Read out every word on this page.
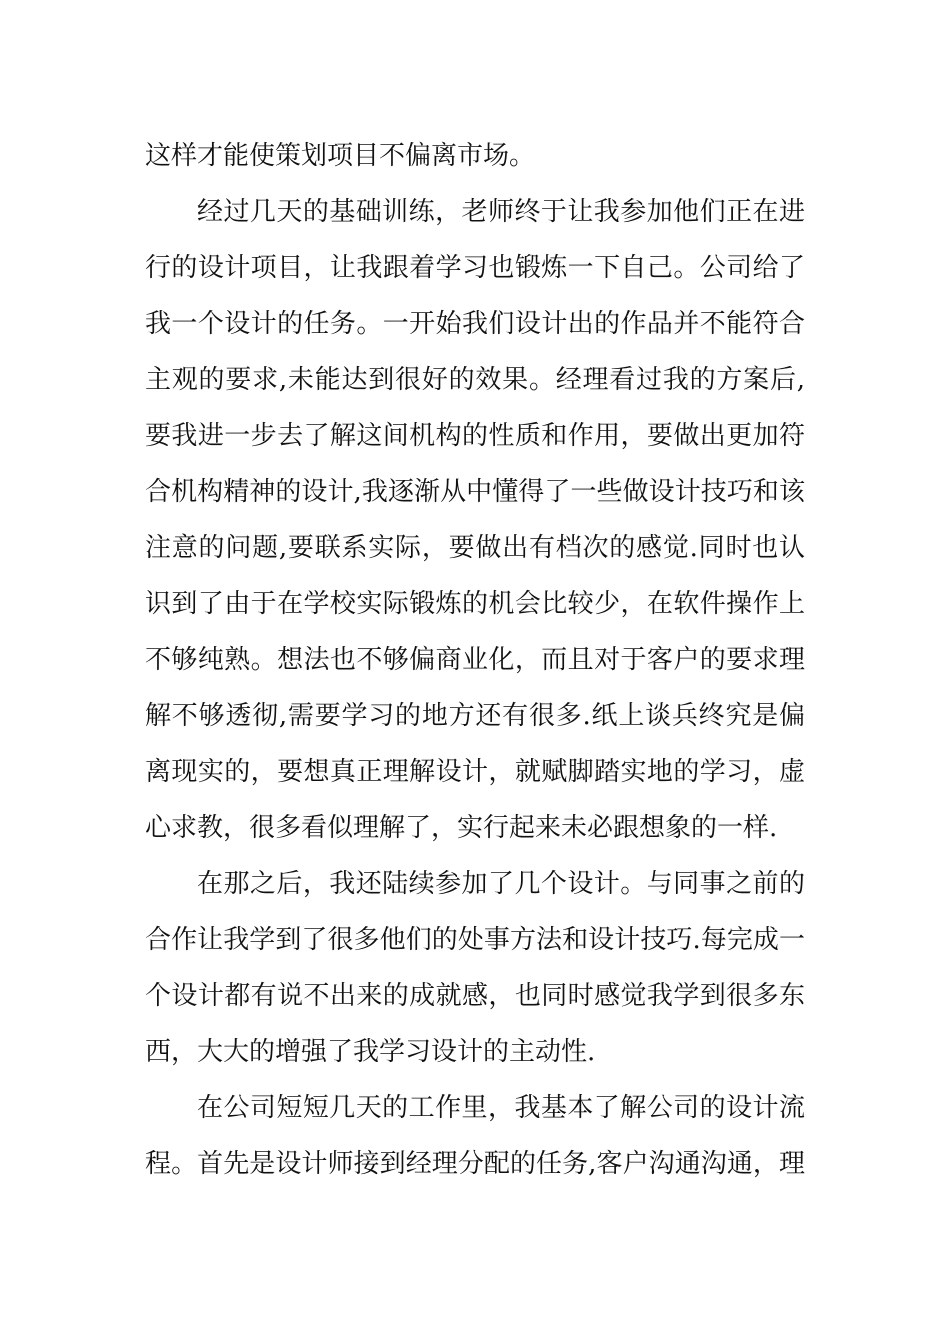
这样才能使策划项目不偏离市场。
经过几天的基础训练，老师终于让我参加他们正在进
行的设计项目，让我跟着学习也锻炼一下自己。公司给了
我一个设计的任务。一开始我们设计出的作品并不能符合
主观的要求,未能达到很好的效果。经理看过我的方案后,
要我进一步去了解这间机构的性质和作用，要做出更加符
合机构精神的设计,我逐渐从中懂得了一些做设计技巧和该
注意的问题,要联系实际，要做出有档次的感觉.同时也认
识到了由于在学校实际锻炼的机会比较少，在软件操作上
不够纯熟。想法也不够偏商业化，而且对于客户的要求理
解不够透彻,需要学习的地方还有很多.纸上谈兵终究是偏
离现实的，要想真正理解设计，就赋脚踏实地的学习，虚
心求教，很多看似理解了，实行起来未必跟想象的一样.
在那之后，我还陆续参加了几个设计。与同事之前的
合作让我学到了很多他们的处事方法和设计技巧.每完成一
个设计都有说不出来的成就感，也同时感觉我学到很多东
西，大大的增强了我学习设计的主动性.
在公司短短几天的工作里，我基本了解公司的设计流
程。首先是设计师接到经理分配的任务,客户沟通沟通，理
